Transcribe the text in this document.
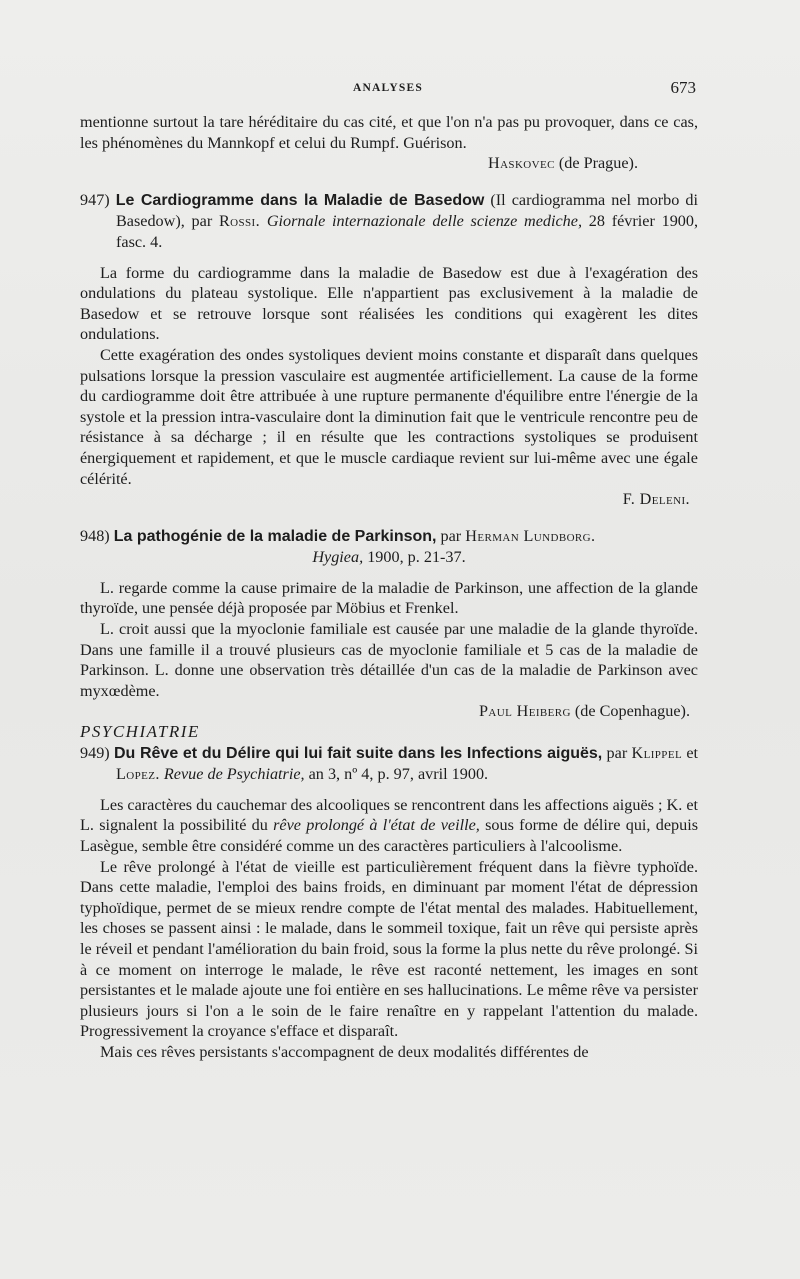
ANALYSES	673

mentionne surtout la tare héréditaire du cas cité, et que l'on n'a pas pu provoquer, dans ce cas, les phénomènes du Mannkopf et celui du Rumpf. Guérison.

Haskovec (de Prague).

947) Le Cardiogramme dans la Maladie de Basedow (Il cardiogramma nel morbo di Basedow), par Rossi. Giornale internazionale delle scienze mediche, 28 février 1900, fasc. 4.

La forme du cardiogramme dans la maladie de Basedow est due à l'exagération des ondulations du plateau systolique. Elle n'appartient pas exclusivement à la maladie de Basedow et se retrouve lorsque sont réalisées les conditions qui exagèrent les dites ondulations.

Cette exagération des ondes systoliques devient moins constante et disparaît dans quelques pulsations lorsque la pression vasculaire est augmentée artificiellement. La cause de la forme du cardiogramme doit être attribuée à une rupture permanente d'équilibre entre l'énergie de la systole et la pression intra-vasculaire dont la diminution fait que le ventricule rencontre peu de résistance à sa décharge ; il en résulte que les contractions systoliques se produisent énergiquement et rapidement, et que le muscle cardiaque revient sur lui-même avec une égale célérité.

F. Deleni.

948) La pathogénie de la maladie de Parkinson, par Herman Lundborg.

Hygiea, 1900, p. 21-37.

L. regarde comme la cause primaire de la maladie de Parkinson, une affection de la glande thyroïde, une pensée déjà proposée par Möbius et Frenkel.

L. croit aussi que la myoclonie familiale est causée par une maladie de la glande thyroïde. Dans une famille il a trouvé plusieurs cas de myoclonie familiale et 5 cas de la maladie de Parkinson. L. donne une observation très détaillée d'un cas de la maladie de Parkinson avec myxœdème.

Paul Heiberg (de Copenhague).

PSYCHIATRIE

949) Du Rêve et du Délire qui lui fait suite dans les Infections aiguës, par Klippel et Lopez. Revue de Psychiatrie, an 3, nº 4, p. 97, avril 1900.

Les caractères du cauchemar des alcooliques se rencontrent dans les affections aiguës ; K. et L. signalent la possibilité du rêve prolongé à l'état de veille, sous forme de délire qui, depuis Lasègue, semble être considéré comme un des caractères particuliers à l'alcoolisme.

Le rêve prolongé à l'état de vieille est particulièrement fréquent dans la fièvre typhoïde. Dans cette maladie, l'emploi des bains froids, en diminuant par moment l'état de dépression typhoïdique, permet de se mieux rendre compte de l'état mental des malades. Habituellement, les choses se passent ainsi : le malade, dans le sommeil toxique, fait un rêve qui persiste après le réveil et pendant l'amélioration du bain froid, sous la forme la plus nette du rêve prolongé. Si à ce moment on interroge le malade, le rêve est raconté nettement, les images en sont persistantes et le malade ajoute une foi entière en ses hallucinations. Le même rêve va persister plusieurs jours si l'on a le soin de le faire renaître en y rappelant l'attention du malade. Progressivement la croyance s'efface et disparaît.

Mais ces rêves persistants s'accompagnent de deux modalités différentes de
